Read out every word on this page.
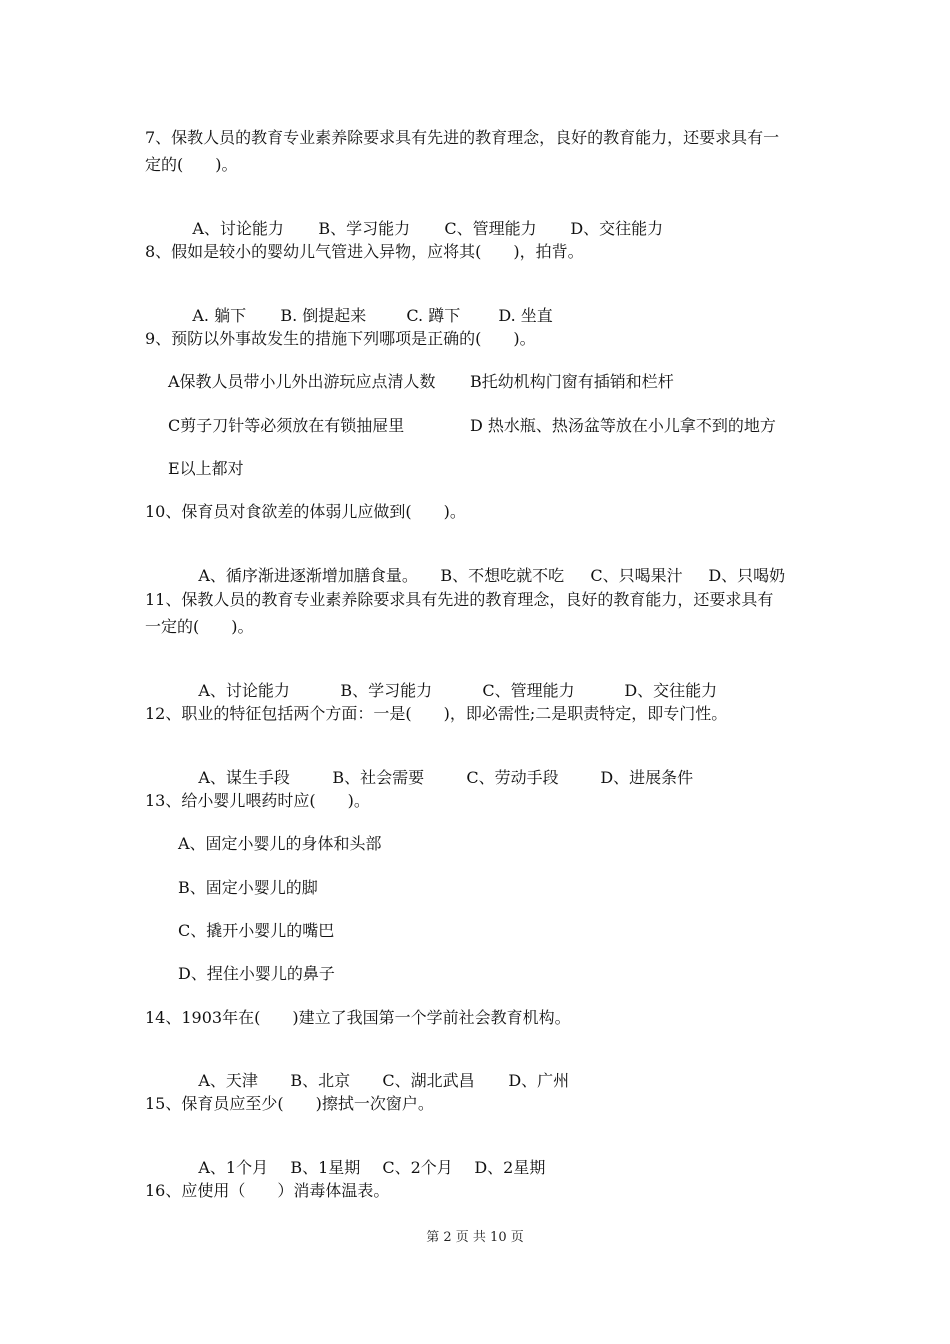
7、保教人员的教育专业素养除要求具有先进的教育理念，良好的教育能力，还要求具有一
定的(　　)。

A、讨论能力 B、学习能力 C、管理能力 D、交往能力

8、假如是较小的婴幼儿气管进入异物，应将其(　　)，拍背。

A. 躺下 B. 倒提起来	C. 蹲下 D. 坐直

9、预防以外事故发生的措施下列哪项是正确的(　　)。
A保教人员带小儿外出游玩应点清人数 B托幼机构门窗有插销和栏杆
C剪子刀针等必须放在有锁抽屉里	D 热水瓶、热汤盆等放在小儿拿不到的地方
E以上都对
10、保育员对食欲差的体弱儿应做到(　　)。

A、循序渐进逐渐增加膳食量。 B、不想吃就不吃 C、只喝果汁 D、只喝奶

11、保教人员的教育专业素养除要求具有先进的教育理念，良好的教育能力，还要求具有
一定的(　　)。

A、讨论能力	B、学习能力	C、管理能力	D、交往能力

12、职业的特征包括两个方面：一是(　　)，即必需性;二是职责特定，即专门性。

A、谋生手段	B、社会需要	C、劳动手段	D、进展条件

13、给小婴儿喂药时应(　　)。
A、固定小婴儿的身体和头部
B、固定小婴儿的脚
C、撬开小婴儿的嘴巴
D、捏住小婴儿的鼻子
14、1903年在(　　)建立了我国第一个学前社会教育机构。

A、天津 B、北京 C、湖北武昌 D、广州

15、保育员应至少(　　)擦拭一次窗户。

A、1个月 B、1星期 C、2个月 D、2星期

16、应使用（　　）消毒体温表。
第 2 页 共 10 页
